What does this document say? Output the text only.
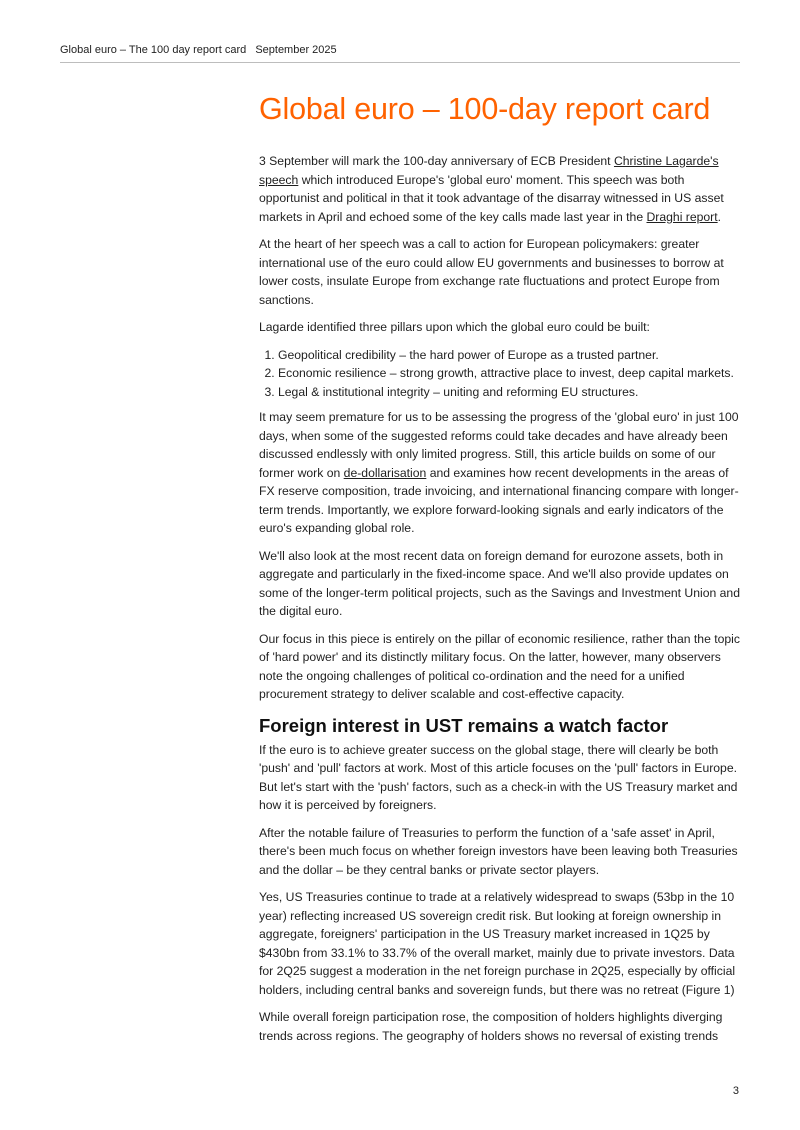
Global euro – The 100 day report card September 2025
Global euro – 100-day report card

3 September will mark the 100-day anniversary of ECB President Christine Lagarde's speech which introduced Europe's 'global euro' moment. This speech was both opportunist and political in that it took advantage of the disarray witnessed in US asset markets in April and echoed some of the key calls made last year in the Draghi report.

At the heart of her speech was a call to action for European policymakers: greater international use of the euro could allow EU governments and businesses to borrow at lower costs, insulate Europe from exchange rate fluctuations and protect Europe from sanctions.

Lagarde identified three pillars upon which the global euro could be built:

1. Geopolitical credibility – the hard power of Europe as a trusted partner.
2. Economic resilience – strong growth, attractive place to invest, deep capital markets.
3. Legal & institutional integrity – uniting and reforming EU structures.

It may seem premature for us to be assessing the progress of the 'global euro' in just 100 days, when some of the suggested reforms could take decades and have already been discussed endlessly with only limited progress. Still, this article builds on some of our former work on de-dollarisation and examines how recent developments in the areas of FX reserve composition, trade invoicing, and international financing compare with longer-term trends. Importantly, we explore forward-looking signals and early indicators of the euro's expanding global role.

We'll also look at the most recent data on foreign demand for eurozone assets, both in aggregate and particularly in the fixed-income space. And we'll also provide updates on some of the longer-term political projects, such as the Savings and Investment Union and the digital euro.

Our focus in this piece is entirely on the pillar of economic resilience, rather than the topic of 'hard power' and its distinctly military focus. On the latter, however, many observers note the ongoing challenges of political co-ordination and the need for a unified procurement strategy to deliver scalable and cost-effective capacity.

Foreign interest in UST remains a watch factor

If the euro is to achieve greater success on the global stage, there will clearly be both 'push' and 'pull' factors at work. Most of this article focuses on the 'pull' factors in Europe. But let's start with the 'push' factors, such as a check-in with the US Treasury market and how it is perceived by foreigners.

After the notable failure of Treasuries to perform the function of a 'safe asset' in April, there's been much focus on whether foreign investors have been leaving both Treasuries and the dollar – be they central banks or private sector players.

Yes, US Treasuries continue to trade at a relatively widespread to swaps (53bp in the 10 year) reflecting increased US sovereign credit risk. But looking at foreign ownership in aggregate, foreigners' participation in the US Treasury market increased in 1Q25 by $430bn from 33.1% to 33.7% of the overall market, mainly due to private investors. Data for 2Q25 suggest a moderation in the net foreign purchase in 2Q25, especially by official holders, including central banks and sovereign funds, but there was no retreat (Figure 1)

While overall foreign participation rose, the composition of holders highlights diverging trends across regions. The geography of holders shows no reversal of existing trends

3
